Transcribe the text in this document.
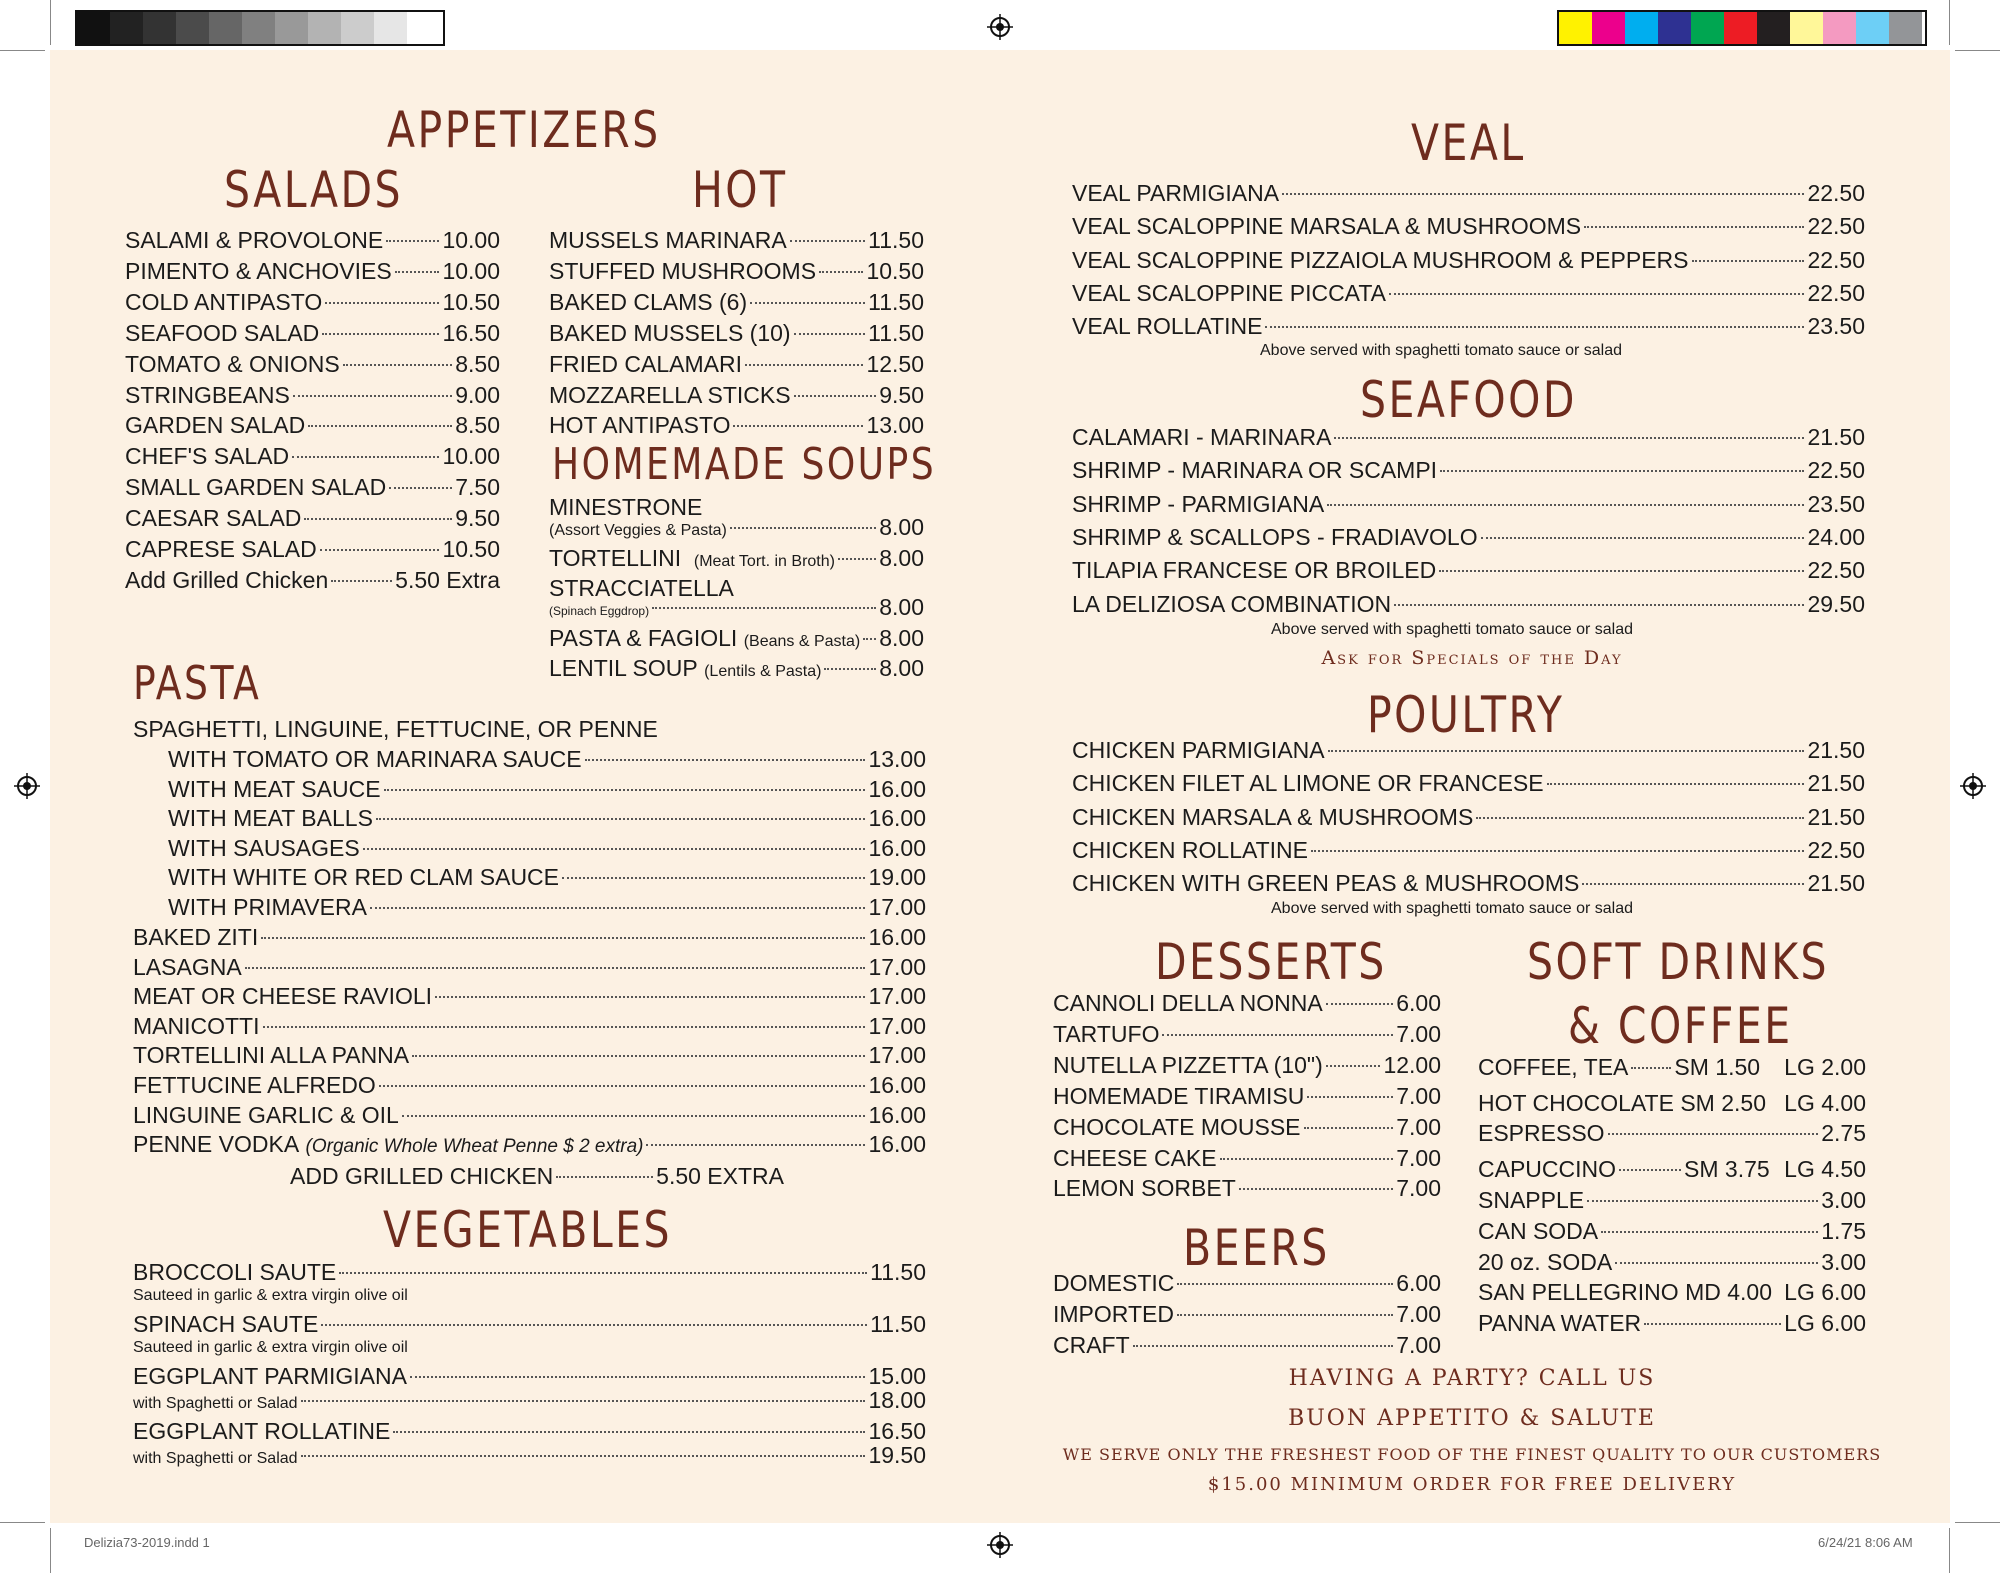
APPETIZERS
SALADS	HOT
SALAMI & PROVOLONE	10.00
PIMENTO & ANCHOVIES 10.00
COLD ANTIPASTO	10.50
SEAFOOD SALAD	16.50
TOMATO & ONIONS	8.50
STRINGBEANS	9.00
GARDEN SALAD	8.50
CHEF'S SALAD	10.00
SMALL GARDEN SALAD	7.50
CAESAR SALAD	9.50
CAPRESE SALAD	10.50
Add Grilled Chicken	5.50 Extra
MUSSELS MARINARA	11.50
STUFFED MUSHROOMS 10.50
BAKED CLAMS (6)	11.50
BAKED MUSSELS (10)	11.50
FRIED CALAMARI	12.50
MOZZARELLA STICKS	9.50
HOT ANTIPASTO	13.00
HOMEMADE SOUPS
MINESTRONE
(Assort Veggies & Pasta)	8.00
TORTELLINI
(Meat Tort. in Broth) 8.00
STRACCIATELLA
(Spinach Eggdrop)	8.00
PASTA & FAGIOLI
(Beans & Pasta) 8.00
LENTIL SOUP
(Lentils & Pasta)	8.00
PASTA
SPAGHETTI, LINGUINE, FETTUCINE, OR PENNE
WITH TOMATO OR MARINARA SAUCE	13.00
WITH MEAT SAUCE	16.00
WITH MEAT BALLS	16.00
WITH SAUSAGES	16.00
WITH WHITE OR RED CLAM SAUCE	19.00
WITH PRIMAVERA	17.00
BAKED ZITI	16.00
LASAGNA	17.00
MEAT OR CHEESE RAVIOLI	17.00
MANICOTTI	17.00
TORTELLINI ALLA PANNA	17.00
FETTUCINE ALFREDO	16.00
LINGUINE GARLIC & OIL	16.00
PENNE VODKA
(Organic Whole Wheat Penne $ 2 extra)	16.00
ADD GRILLED CHICKEN	5.50 EXTRA
VEGETABLES
BROCCOLI SAUTE	11.50
Sauteed in garlic & extra virgin olive oil
SPINACH SAUTE	11.50
Sauteed in garlic & extra virgin olive oil
EGGPLANT PARMIGIANA	15.00
with Spaghetti or Salad	18.00
EGGPLANT ROLLATINE	16.50
with Spaghetti or Salad	19.50
VEAL
VEAL PARMIGIANA	22.50
VEAL SCALOPPINE MARSALA & MUSHROOMS	22.50
VEAL SCALOPPINE PIZZAIOLA MUSHROOM & PEPPERS	22.50
VEAL SCALOPPINE PICCATA	22.50
VEAL ROLLATINE	23.50
Above served with spaghetti tomato sauce or salad
SEAFOOD
CALAMARI - MARINARA	21.50
SHRIMP - MARINARA OR SCAMPI	22.50
SHRIMP - PARMIGIANA	23.50
SHRIMP & SCALLOPS - FRADIAVOLO	24.00
TILAPIA FRANCESE OR BROILED	22.50
LA DELIZIOSA COMBINATION	29.50
Above served with spaghetti tomato sauce or salad
Ask for Specials of the Day
POULTRY
CHICKEN PARMIGIANA	21.50
CHICKEN FILET AL LIMONE OR FRANCESE	21.50
CHICKEN MARSALA & MUSHROOMS	21.50
CHICKEN ROLLATINE	22.50
CHICKEN WITH GREEN PEAS & MUSHROOMS	21.50
Above served with spaghetti tomato sauce or salad
DESSERTS
CANNOLI DELLA NONNA	6.00
TARTUFO	7.00
NUTELLA PIZZETTA (10")	12.00
HOMEMADE TIRAMISU	7.00
CHOCOLATE MOUSSE	7.00
CHEESE CAKE	7.00
LEMON SORBET	7.00
BEERS
DOMESTIC	6.00
IMPORTED	7.00
CRAFT	7.00
SOFT DRINKS
& COFFEE
COFFEE, TEA SM 1.50 LG 2.00
HOT CHOCOLATE
SM 2.50 LG 4.00
ESPRESSO	2.75
CAPUCCINO	SM 3.75 LG 4.50
SNAPPLE	3.00
CAN SODA	1.75
20 oz. SODA	3.00
SAN PELLEGRINO MD 4.00 LG 6.00
PANNA WATER	LG 6.00
HAVING A PARTY? CALL US
BUON APPETITO & SALUTE
WE SERVE ONLY THE FRESHEST FOOD OF THE FINEST QUALITY TO OUR CUSTOMERS
$15.00 MINIMUM ORDER FOR FREE DELIVERY
Delizia73-2019.indd 1	6/24/21 8:06 AM
